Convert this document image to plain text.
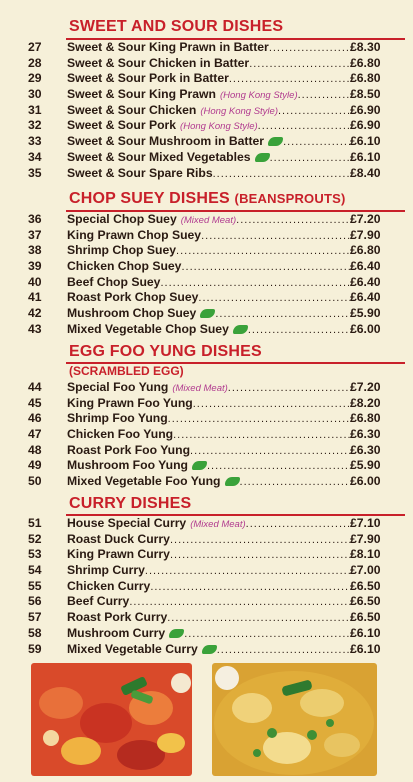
SWEET AND SOUR DISHES
27	Sweet & Sour King Prawn in Batter .....	£8.30
28	Sweet & Sour Chicken in Batter .....	£6.80
29	Sweet & Sour Pork in Batter .....	£6.80
30	Sweet & Sour King Prawn (Hong Kong Style) .....	£8.50
31	Sweet & Sour Chicken (Hong Kong Style) .....	£6.90
32	Sweet & Sour Pork (Hong Kong Style) .....	£6.90
33	Sweet & Sour Mushroom in Batter .....	£6.10
34	Sweet & Sour Mixed Vegetables .....	£6.10
35	Sweet & Sour Spare Ribs .....	£8.40
CHOP SUEY DISHES (BEANSPROUTS)
36	Special Chop Suey (Mixed Meat) .....	£7.20
37	King Prawn Chop Suey .....	£7.90
38	Shrimp Chop Suey .....	£6.80
39	Chicken Chop Suey .....	£6.40
40	Beef Chop Suey .....	£6.40
41	Roast Pork Chop Suey .....	£6.40
42	Mushroom Chop Suey .....	£5.90
43	Mixed Vegetable Chop Suey .....	£6.00
EGG FOO YUNG DISHES
(SCRAMBLED EGG)
44	Special Foo Yung (Mixed Meat) .....	£7.20
45	King Prawn Foo Yung .....	£8.20
46	Shrimp Foo Yung .....	£6.80
47	Chicken Foo Yung .....	£6.30
48	Roast Pork Foo Yung .....	£6.30
49	Mushroom Foo Yung .....	£5.90
50	Mixed Vegetable Foo Yung .....	£6.00
CURRY DISHES
51	House Special Curry (Mixed Meat) .....	£7.10
52	Roast Duck Curry .....	£7.90
53	King Prawn Curry .....	£8.10
54	Shrimp Curry .....	£7.00
55	Chicken Curry .....	£6.50
56	Beef Curry .....	£6.50
57	Roast Pork Curry .....	£6.50
58	Mushroom Curry .....	£6.10
59	Mixed Vegetable Curry .....	£6.10
